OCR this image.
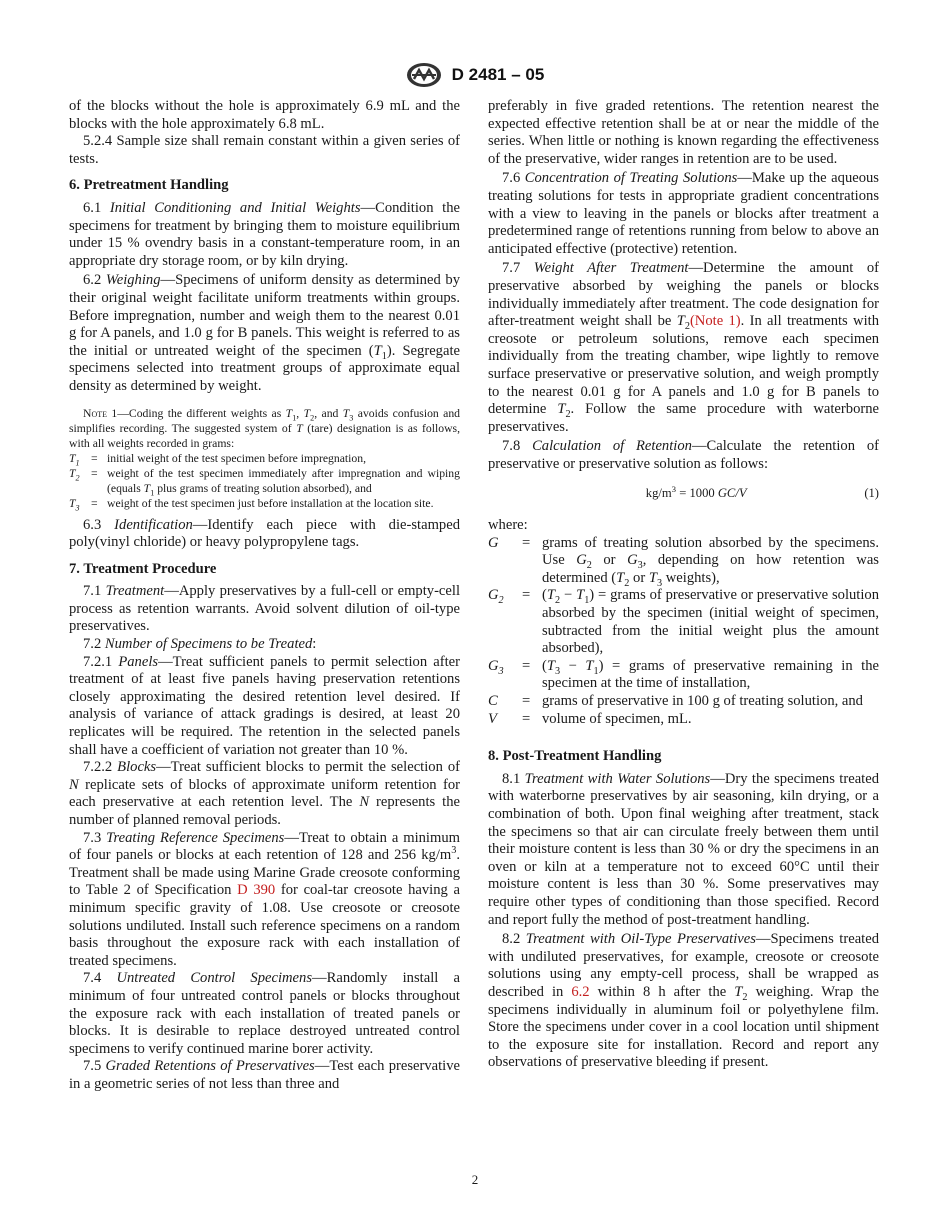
D 2481 – 05

of the blocks without the hole is approximately 6.9 mL and the blocks with the hole approximately 6.8 mL.

5.2.4 Sample size shall remain constant within a given series of tests.

6. Pretreatment Handling

6.1 Initial Conditioning and Initial Weights—Condition the specimens for treatment by bringing them to moisture equilibrium under 15 % ovendry basis in a constant-temperature room, in an appropriate dry storage room, or by kiln drying.

6.2 Weighing—Specimens of uniform density as determined by their original weight facilitate uniform treatments within groups. Before impregnation, number and weigh them to the nearest 0.01 g for A panels, and 1.0 g for B panels. This weight is referred to as the initial or untreated weight of the specimen $(T_1)$. Segregate specimens selected into treatment groups of approximate equal density as determined by weight.

Note 1—Coding the different weights as $T_1$, $T_2$, and $T_3$ avoids confusion and simplifies recording. The suggested system of T (tare) designation is as follows, with all weights recorded in grams:

$T_1$ = initial weight of the test specimen before impregnation,
$T_2$ = weight of the test specimen immediately after impregnation and wiping (equals $T_1$ plus grams of treating solution absorbed), and
$T_3$ = weight of the test specimen just before installation at the location site.

6.3 Identification—Identify each piece with die-stamped poly(vinyl chloride) or heavy polypropylene tags.

7. Treatment Procedure

7.1 Treatment—Apply preservatives by a full-cell or empty-cell process as retention warrants. Avoid solvent dilution of oil-type preservatives.

7.2 Number of Specimens to be Treated:

7.2.1 Panels—Treat sufficient panels to permit selection after treatment of at least five panels having preservation retentions closely approximating the desired retention level desired. If analysis of variance of attack gradings is desired, at least 20 replicates will be required. The retention in the selected panels shall have a coefficient of variation not greater than 10 %.

7.2.2 Blocks—Treat sufficient blocks to permit the selection of N replicate sets of blocks of approximate uniform retention for each preservative at each retention level. The N represents the number of planned removal periods.

7.3 Treating Reference Specimens—Treat to obtain a minimum of four panels or blocks at each retention of 128 and 256 $kg/m^3$. Treatment shall be made using Marine Grade creosote conforming to Table 2 of Specification D 390 for coal-tar creosote having a minimum specific gravity of 1.08. Use creosote or creosote solutions undiluted. Install such reference specimens on a random basis throughout the exposure rack with each installation of treated specimens.

7.4 Untreated Control Specimens—Randomly install a minimum of four untreated control panels or blocks throughout the exposure rack with each installation of treated panels or blocks. It is desirable to replace destroyed untreated control specimens to verify continued marine borer activity.

7.5 Graded Retentions of Preservatives—Test each preservative in a geometric series of not less than three and

preferably in five graded retentions. The retention nearest the expected effective retention shall be at or near the middle of the series. When little or nothing is known regarding the effectiveness of the preservative, wider ranges in retention are to be used.

7.6 Concentration of Treating Solutions—Make up the aqueous treating solutions for tests in appropriate gradient concentrations with a view to leaving in the panels or blocks after treatment a predetermined range of retentions running from below to above an anticipated effective (protective) retention.

7.7 Weight After Treatment—Determine the amount of preservative absorbed by weighing the panels or blocks individually immediately after treatment. The code designation for after-treatment weight shall be $T_2(Note$ 1). In all treatments with creosote or petroleum solutions, remove each specimen individually from the treating chamber, wipe lightly to remove surface preservative or preservative solution, and weigh promptly to the nearest 0.01 g for A panels and 1.0 g for B panels to determine $T_2$. Follow the same procedure with waterborne preservatives.

7.8 Calculation of Retention—Calculate the retention of preservative or preservative solution as follows:

$kg/m^3 = 1000$ GC/V	(1)

where:

G	= grams of treating solution absorbed by the specimens. Use $G_2$ or $G_3$, depending on how retention was determined ($T_2$ or $T_3$ weights),
$G_2$	= $(T_2 - T_1)$ = grams of preservative or preservative solution absorbed by the specimen (initial weight of specimen, subtracted from the initial weight plus the amount absorbed),
$G_3$	= $(T_3 - T_1)$ = grams of preservative remaining in the specimen at the time of installation,
C	= grams of preservative in 100 g of treating solution, and
V	= volume of specimen, mL.
8. Post-Treatment Handling

8.1 Treatment with Water Solutions—Dry the specimens treated with waterborne preservatives by air seasoning, kiln drying, or a combination of both. Upon final weighing after treatment, stack the specimens so that air can circulate freely between them until their moisture content is less than 30 % or dry the specimens in an oven or kiln at a temperature not to exceed 60°C until their moisture content is less than 30 %. Some preservatives may require other types of conditioning than those specified. Record and report fully the method of post-treatment handling.

8.2 Treatment with Oil-Type Preservatives—Specimens treated with undiluted preservatives, for example, creosote or creosote solutions using any empty-cell process, shall be wrapped as described in 6.2 within 8 h after the $T_2$ weighing. Wrap the specimens individually in aluminum foil or polyethylene film. Store the specimens under cover in a cool location until shipment to the exposure site for installation. Record and report any observations of preservative bleeding if present.

2
